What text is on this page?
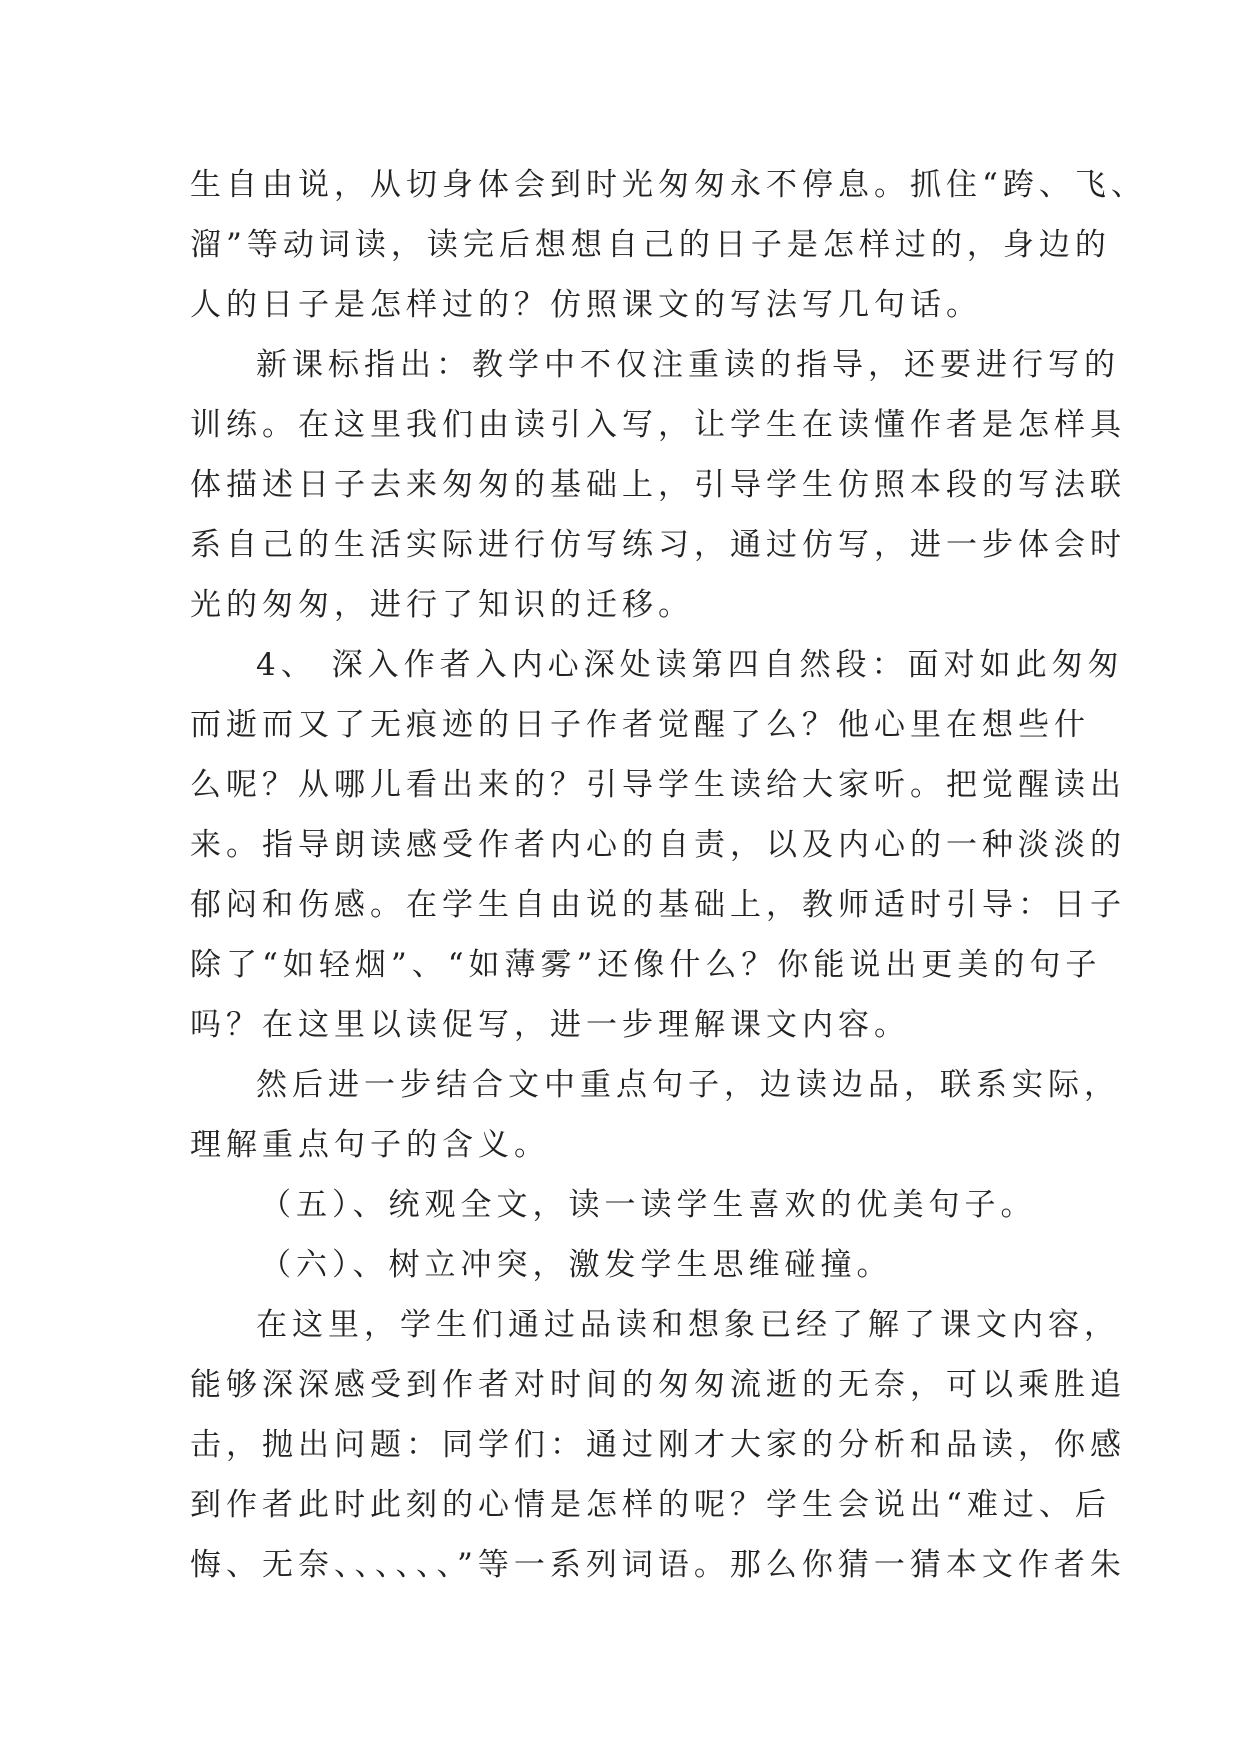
生自由说，从切身体会到时光匆匆永不停息。抓住“跨、飞、
溜”等动词读，读完后想想自己的日子是怎样过的，身边的
人的日子是怎样过的？仿照课文的写法写几句话。
新课标指出：教学中不仅注重读的指导，还要进行写的
训练。在这里我们由读引入写，让学生在读懂作者是怎样具
体描述日子去来匆匆的基础上，引导学生仿照本段的写法联
系自己的生活实际进行仿写练习，通过仿写，进一步体会时
光的匆匆，进行了知识的迁移。
4、 深入作者入内心深处读第四自然段：面对如此匆匆
而逝而又了无痕迹的日子作者觉醒了么？他心里在想些什
么呢？从哪儿看出来的？引导学生读给大家听。把觉醒读出
来。指导朗读感受作者内心的自责，以及内心的一种淡淡的
郁闷和伤感。在学生自由说的基础上，教师适时引导：日子
除了“如轻烟”、“如薄雾”还像什么？你能说出更美的句子
吗？在这里以读促写，进一步理解课文内容。
然后进一步结合文中重点句子，边读边品，联系实际，
理解重点句子的含义。
（五）、统观全文，读一读学生喜欢的优美句子。
（六）、树立冲突，激发学生思维碰撞。
在这里，学生们通过品读和想象已经了解了课文内容，
能够深深感受到作者对时间的匆匆流逝的无奈，可以乘胜追
击，抛出问题：同学们：通过刚才大家的分析和品读，你感
到作者此时此刻的心情是怎样的呢？学生会说出“难过、后
悔、无奈、、、、、、”等一系列词语。那么你猜一猜本文作者朱
